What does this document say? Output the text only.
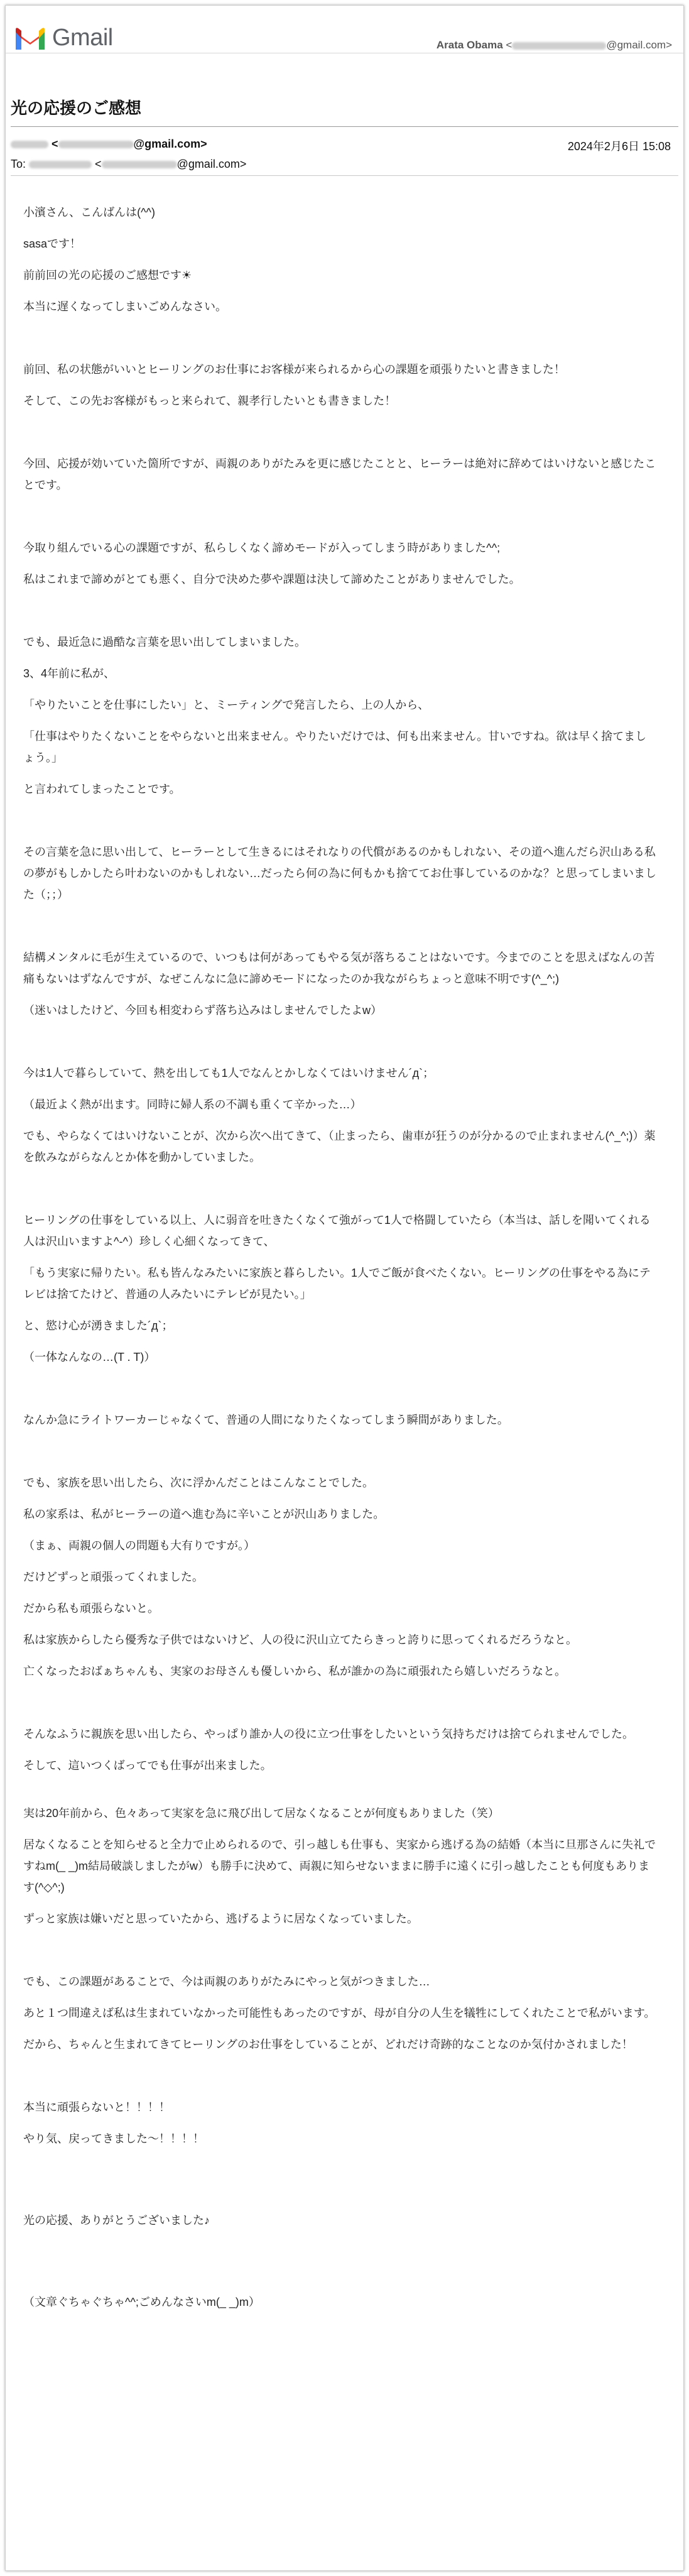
Gmail	Arata Obama <	@gmail.com>
光の応援のご感想
<	@gmail.com>	2024年2月6日 15:08
To:	<	@gmail.com>

小濱さん、こんばんは(^^)

sasaです！

前前回の光の応援のご感想です☀

本当に遅くなってしまいごめんなさい。

前回、私の状態がいいとヒーリングのお仕事にお客様が来られるから心の課題を頑張りたいと書きました！

そして、この先お客様がもっと来られて、親孝行したいとも書きました！

今回、応援が効いていた箇所ですが、両親のありがたみを更に感じたことと、ヒーラーは絶対に辞めてはいけないと感じたことです。

今取り組んでいる心の課題ですが、私らしくなく諦めモードが入ってしまう時がありました^^;

私はこれまで諦めがとても悪く、自分で決めた夢や課題は決して諦めたことがありませんでした。

でも、最近急に過酷な言葉を思い出してしまいました。

3、4年前に私が、

「やりたいことを仕事にしたい」と、ミーティングで発言したら、上の人から、

「仕事はやりたくないことをやらないと出来ません。やりたいだけでは、何も出来ません。甘いですね。欲は早く捨てましょう。」

と言われてしまったことです。

その言葉を急に思い出して、ヒーラーとして生きるにはそれなりの代償があるのかもしれない、その道へ進んだら沢山ある私の夢がもしかしたら叶わないのかもしれない…だったら何の為に何もかも捨ててお仕事しているのかな？と思ってしまいました（；；）

結構メンタルに毛が生えているので、いつもは何があってもやる気が落ちることはないです。今までのことを思えばなんの苦痛もないはずなんですが、なぜこんなに急に諦めモードになったのか我ながらちょっと意味不明です(^_^;)

（迷いはしたけど、今回も相変わらず落ち込みはしませんでしたよw）

今は1人で暮らしていて、熱を出しても1人でなんとかしなくてはいけません´д`；

（最近よく熱が出ます。同時に婦人系の不調も重くて辛かった…）

でも、やらなくてはいけないことが、次から次へ出てきて、（止まったら、歯車が狂うのが分かるので止まれません(^_^;)）薬を飲みながらなんとか体を動かしていました。

ヒーリングの仕事をしている以上、人に弱音を吐きたくなくて強がって1人で格闘していたら（本当は、話しを聞いてくれる人は沢山いますよ^-^）珍しく心細くなってきて、

「もう実家に帰りたい。私も皆んなみたいに家族と暮らしたい。1人でご飯が食べたくない。ヒーリングの仕事をやる為にテレビは捨てたけど、普通の人みたいにテレビが見たい。」

と、慾け心が湧きました´д`；

（一体なんなの…(T . T)）

なんか急にライトワーカーじゃなくて、普通の人間になりたくなってしまう瞬間がありました。

でも、家族を思い出したら、次に浮かんだことはこんなことでした。

私の家系は、私がヒーラーの道へ進む為に辛いことが沢山ありました。

（まぁ、両親の個人の問題も大有りですが。）

だけどずっと頑張ってくれました。

だから私も頑張らないと。

私は家族からしたら優秀な子供ではないけど、人の役に沢山立てたらきっと誇りに思ってくれるだろうなと。

亡くなったおばぁちゃんも、実家のお母さんも優しいから、私が誰かの為に頑張れたら嬉しいだろうなと。

そんなふうに親族を思い出したら、やっぱり誰か人の役に立つ仕事をしたいという気持ちだけは捨てられませんでした。

そして、這いつくばってでも仕事が出来ました。

実は20年前から、色々あって実家を急に飛び出して居なくなることが何度もありました（笑）

居なくなることを知らせると全力で止められるので、引っ越しも仕事も、実家から逃げる為の結婚（本当に旦那さんに失礼ですねm(_ _)m結局破談しましたがw）も勝手に決めて、両親に知らせないままに勝手に遠くに引っ越したことも何度もあります(^◇^;)

ずっと家族は嫌いだと思っていたから、逃げるように居なくなっていました。

でも、この課題があることで、今は両親のありがたみにやっと気がつきました…

あと１つ間違えば私は生まれていなかった可能性もあったのですが、母が自分の人生を犠牲にしてくれたことで私がいます。

だから、ちゃんと生まれてきてヒーリングのお仕事をしていることが、どれだけ奇跡的なことなのか気付かされました！

本当に頑張らないと！！！！

やり気、戻ってきました～！！！！

光の応援、ありがとうございました♪

（文章ぐちゃぐちゃ^^;ごめんなさいm(_ _)m）
